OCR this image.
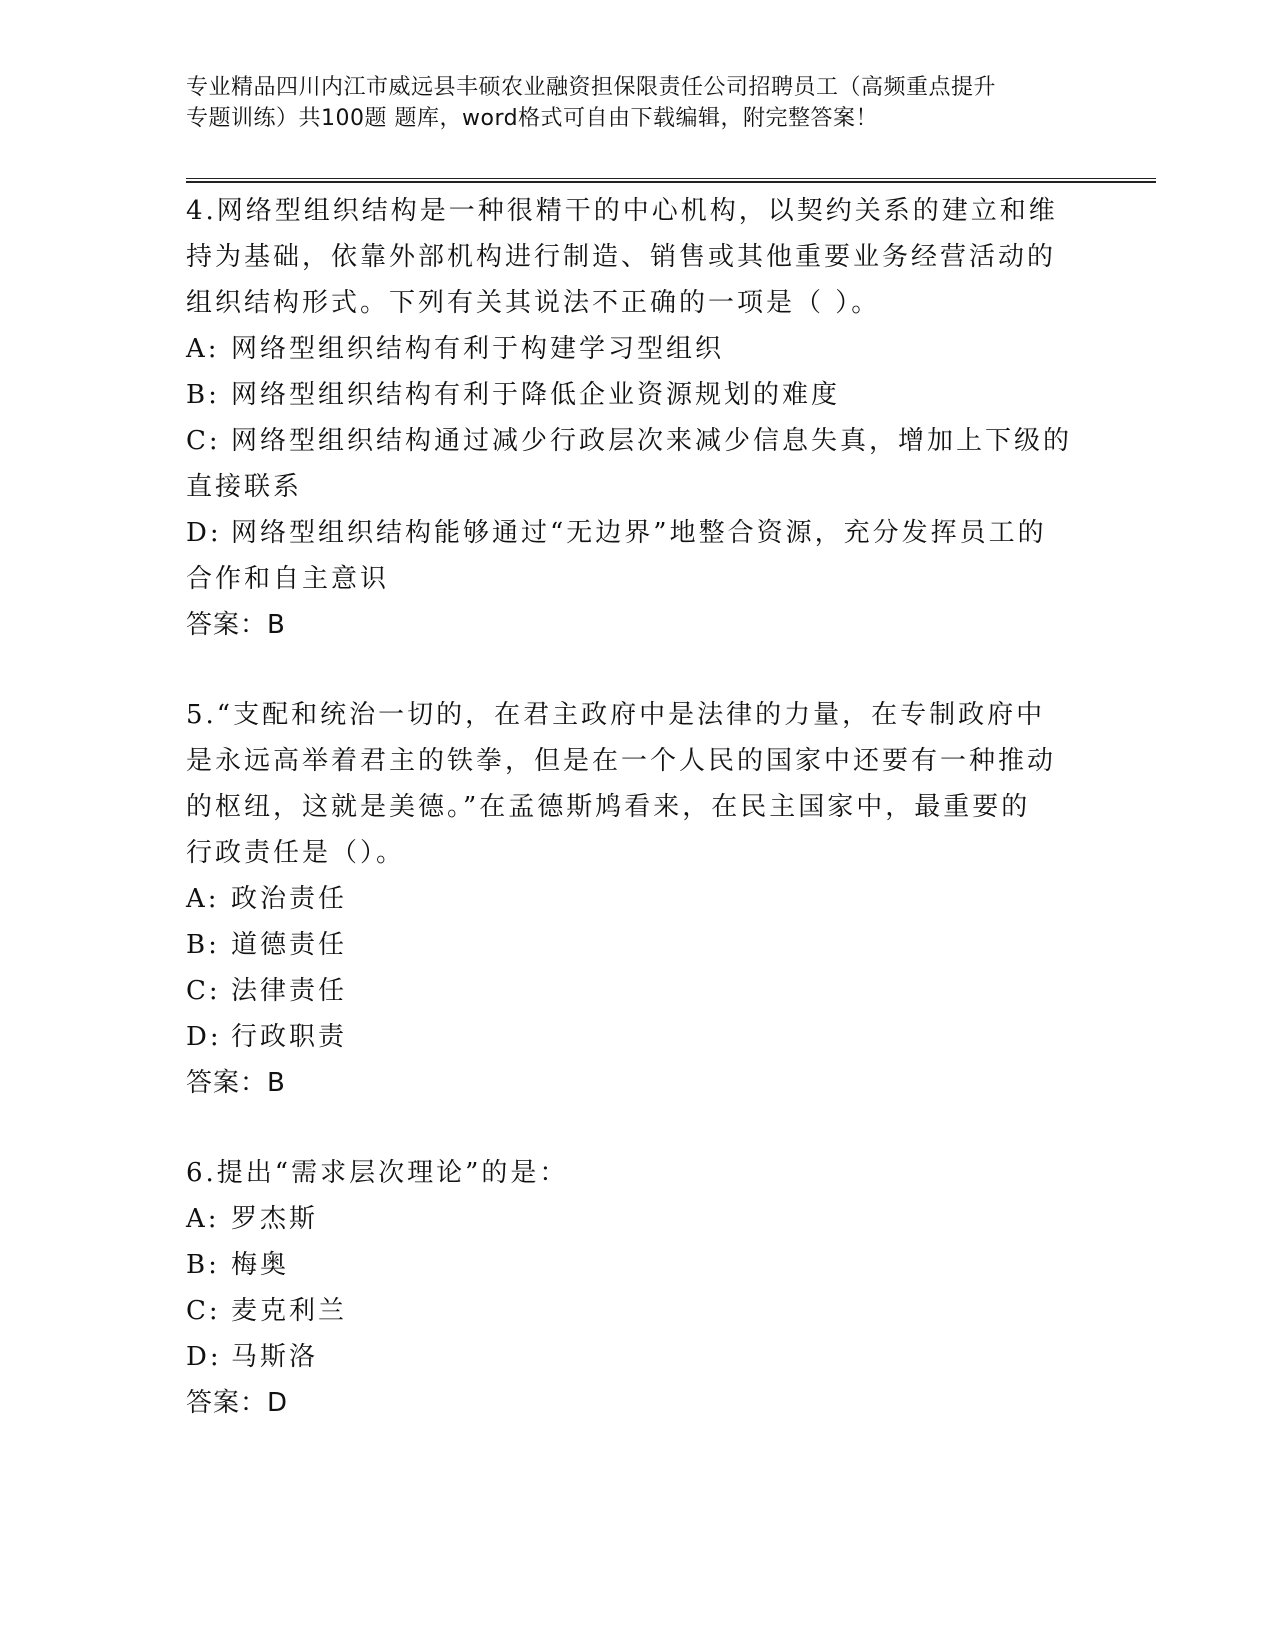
专业精品四川内江市威远县丰硕农业融资担保限责任公司招聘员工（高频重点提升
专题训练）共100题 题库，word格式可自由下载编辑，附完整答案！
4.网络型组织结构是一种很精干的中心机构，以契约关系的建立和维
持为基础，依靠外部机构进行制造、销售或其他重要业务经营活动的
组织结构形式。下列有关其说法不正确的一项是（ ）。
A: 网络型组织结构有利于构建学习型组织
B: 网络型组织结构有利于降低企业资源规划的难度
C: 网络型组织结构通过减少行政层次来减少信息失真，增加上下级的
直接联系
D: 网络型组织结构能够通过“无边界”地整合资源，充分发挥员工的
合作和自主意识
答案：B
5.“支配和统治一切的，在君主政府中是法律的力量，在专制政府中
是永远高举着君主的铁拳，但是在一个人民的国家中还要有一种推动
的枢纽，这就是美德。”在孟德斯鸠看来，在民主国家中，最重要的
行政责任是（）。
A: 政治责任
B: 道德责任
C: 法律责任
D: 行政职责
答案：B
6.提出“需求层次理论”的是：
A: 罗杰斯
B: 梅奥
C: 麦克利兰
D: 马斯洛
答案：D
